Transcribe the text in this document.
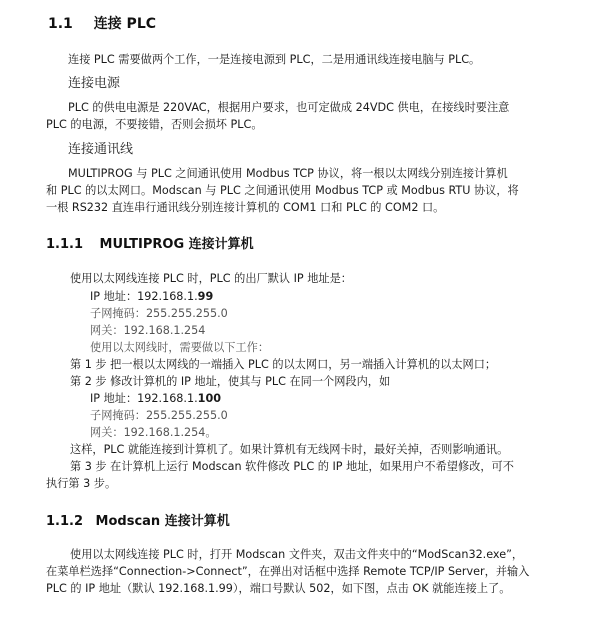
1.1 连接 PLC
连接 PLC 需要做两个工作，一是连接电源到 PLC，二是用通讯线连接电脑与 PLC。
连接电源
PLC 的供电电源是 220VAC，根据用户要求，也可定做成 24VDC 供电，在接线时要注意
PLC 的电源，不要接错，否则会损坏 PLC。
连接通讯线
MULTIPROG 与 PLC 之间通讯使用 Modbus TCP 协议，将一根以太网线分别连接计算机
和 PLC 的以太网口。Modscan 与 PLC 之间通讯使用 Modbus TCP 或 Modbus RTU 协议，将
一根 RS232 直连串行通讯线分别连接计算机的 COM1 口和 PLC 的 COM2 口。
1.1.1 MULTIPROG 连接计算机
使用以太网线连接 PLC 时，PLC 的出厂默认 IP 地址是：
IP 地址：192.168.1.99
子网掩码：255.255.255.0
网关：192.168.1.254
使用以太网线时，需要做以下工作：
第 1 步 把一根以太网线的一端插入 PLC 的以太网口，另一端插入计算机的以太网口；
第 2 步 修改计算机的 IP 地址，使其与 PLC 在同一个网段内，如
IP 地址：192.168.1.100
子网掩码：255.255.255.0
网关：192.168.1.254。
这样，PLC 就能连接到计算机了。如果计算机有无线网卡时，最好关掉，否则影响通讯。
第 3 步 在计算机上运行 Modscan 软件修改 PLC 的 IP 地址，如果用户不希望修改，可不
执行第 3 步。
1.1.2 Modscan 连接计算机
使用以太网线连接 PLC 时，打开 Modscan 文件夹，双击文件夹中的“ModScan32.exe”，
在菜单栏选择“Connection->Connect”，在弹出对话框中选择 Remote TCP/IP Server，并输入
PLC 的 IP 地址（默认 192.168.1.99），端口号默认 502，如下图，点击 OK 就能连接上了。
